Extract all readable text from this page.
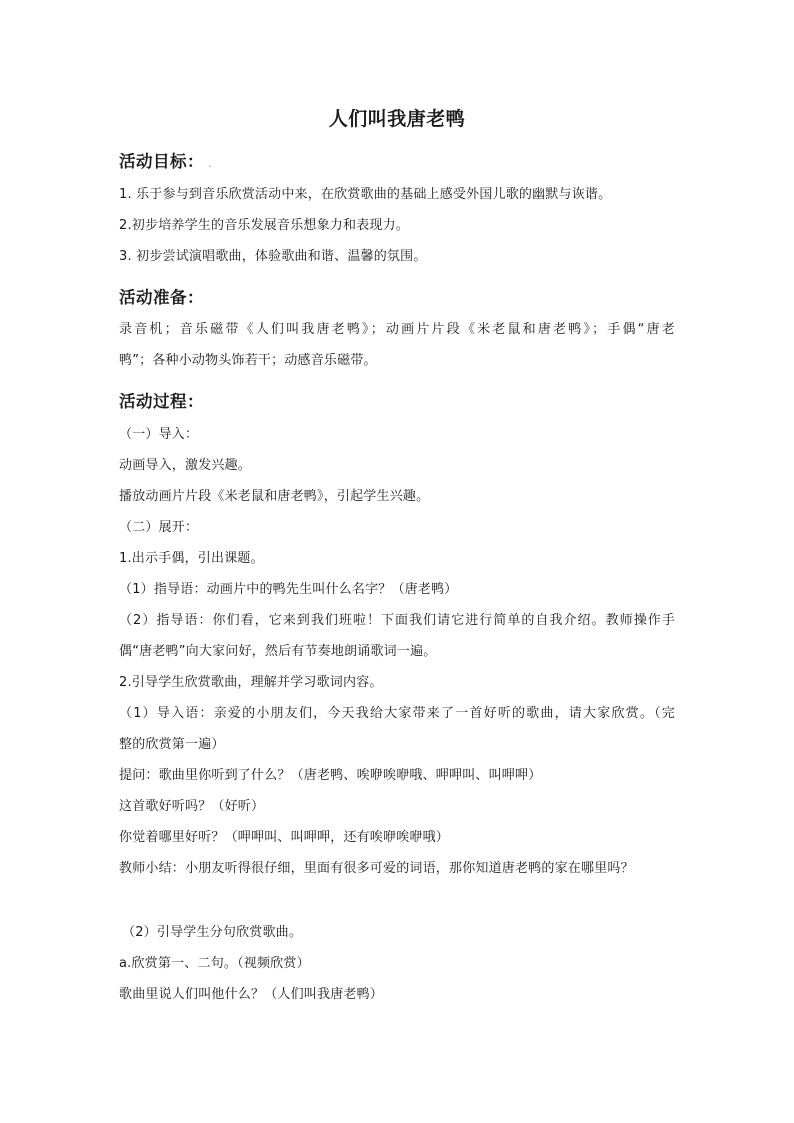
人们叫我唐老鸭
活动目标： .
1. 乐于参与到音乐欣赏活动中来，在欣赏歌曲的基础上感受外国儿歌的幽默与诙谐。
2.初步培养学生的音乐发展音乐想象力和表现力。
3. 初步尝试演唱歌曲，体验歌曲和谐、温馨的氛围。
活动准备：
录音机；音乐磁带《人们叫我唐老鸭》；动画片片段《米老鼠和唐老鸭》；手偶“唐老
鸭”；各种小动物头饰若干；动感音乐磁带。
活动过程：
（一）导入：
动画导入，激发兴趣。
播放动画片片段《米老鼠和唐老鸭》，引起学生兴趣。
（二）展开：
1.出示手偶，引出课题。
（1）指导语：动画片中的鸭先生叫什么名字？（唐老鸭）
（2）指导语：你们看，它来到我们班啦！下面我们请它进行简单的自我介绍。教师操作手
偶“唐老鸭”向大家问好，然后有节奏地朗诵歌词一遍。
2.引导学生欣赏歌曲，理解并学习歌词内容。
（1）导入语：亲爱的小朋友们，今天我给大家带来了一首好听的歌曲，请大家欣赏。（完
整的欣赏第一遍）
提问：歌曲里你听到了什么？（唐老鸭、唉咿唉咿哦、呷呷叫、叫呷呷）
这首歌好听吗？（好听）
你觉着哪里好听？（呷呷叫、叫呷呷，还有唉咿唉咿哦）
教师小结：小朋友听得很仔细，里面有很多可爱的词语，那你知道唐老鸭的家在哪里吗？
（2）引导学生分句欣赏歌曲。
a.欣赏第一、二句。（视频欣赏）
歌曲里说人们叫他什么？（人们叫我唐老鸭）
